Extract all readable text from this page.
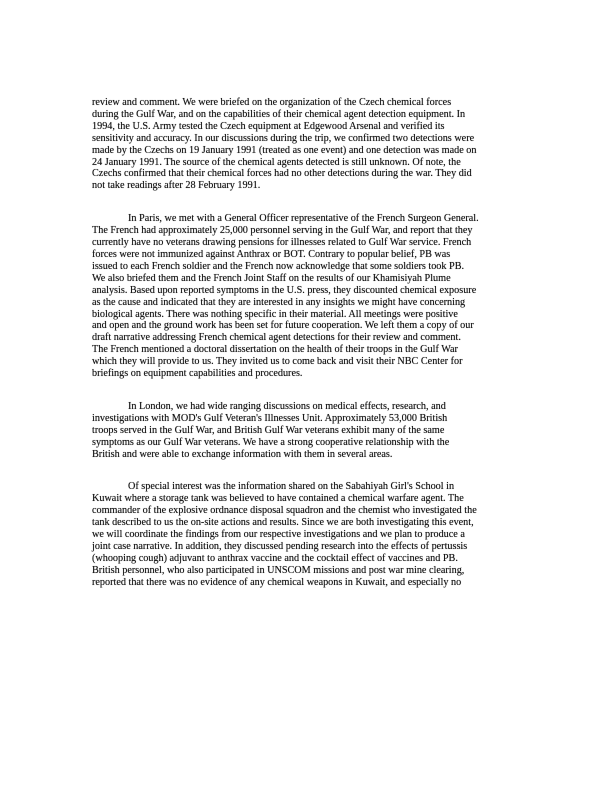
review and comment. We were briefed on the organization of the Czech chemical forces
during the Gulf War, and on the capabilities of their chemical agent detection equipment. In
1994, the U.S. Army tested the Czech equipment at Edgewood Arsenal and verified its
sensitivity and accuracy. In our discussions during the trip, we confirmed two detections were
made by the Czechs on 19 January 1991 (treated as one event) and one detection was made on
24 January 1991. The source of the chemical agents detected is still unknown. Of note, the
Czechs confirmed that their chemical forces had no other detections during the war. They did
not take readings after 28 February 1991.
In Paris, we met with a General Officer representative of the French Surgeon General.
The French had approximately 25,000 personnel serving in the Gulf War, and report that they
currently have no veterans drawing pensions for illnesses related to Gulf War service. French
forces were not immunized against Anthrax or BOT. Contrary to popular belief, PB was
issued to each French soldier and the French now acknowledge that some soldiers took PB.
We also briefed them and the French Joint Staff on the results of our Khamisiyah Plume
analysis. Based upon reported symptoms in the U.S. press, they discounted chemical exposure
as the cause and indicated that they are interested in any insights we might have concerning
biological agents. There was nothing specific in their material. All meetings were positive
and open and the ground work has been set for future cooperation. We left them a copy of our
draft narrative addressing French chemical agent detections for their review and comment.
The French mentioned a doctoral dissertation on the health of their troops in the Gulf War
which they will provide to us. They invited us to come back and visit their NBC Center for
briefings on equipment capabilities and procedures.
In London, we had wide ranging discussions on medical effects, research, and
investigations with MOD's Gulf Veteran's Illnesses Unit. Approximately 53,000 British
troops served in the Gulf War, and British Gulf War veterans exhibit many of the same
symptoms as our Gulf War veterans. We have a strong cooperative relationship with the
British and were able to exchange information with them in several areas.
Of special interest was the information shared on the Sabahiyah Girl's School in
Kuwait where a storage tank was believed to have contained a chemical warfare agent. The
commander of the explosive ordnance disposal squadron and the chemist who investigated the
tank described to us the on-site actions and results. Since we are both investigating this event,
we will coordinate the findings from our respective investigations and we plan to produce a
joint case narrative. In addition, they discussed pending research into the effects of pertussis
(whooping cough) adjuvant to anthrax vaccine and the cocktail effect of vaccines and PB.
British personnel, who also participated in UNSCOM missions and post war mine clearing,
reported that there was no evidence of any chemical weapons in Kuwait, and especially no
